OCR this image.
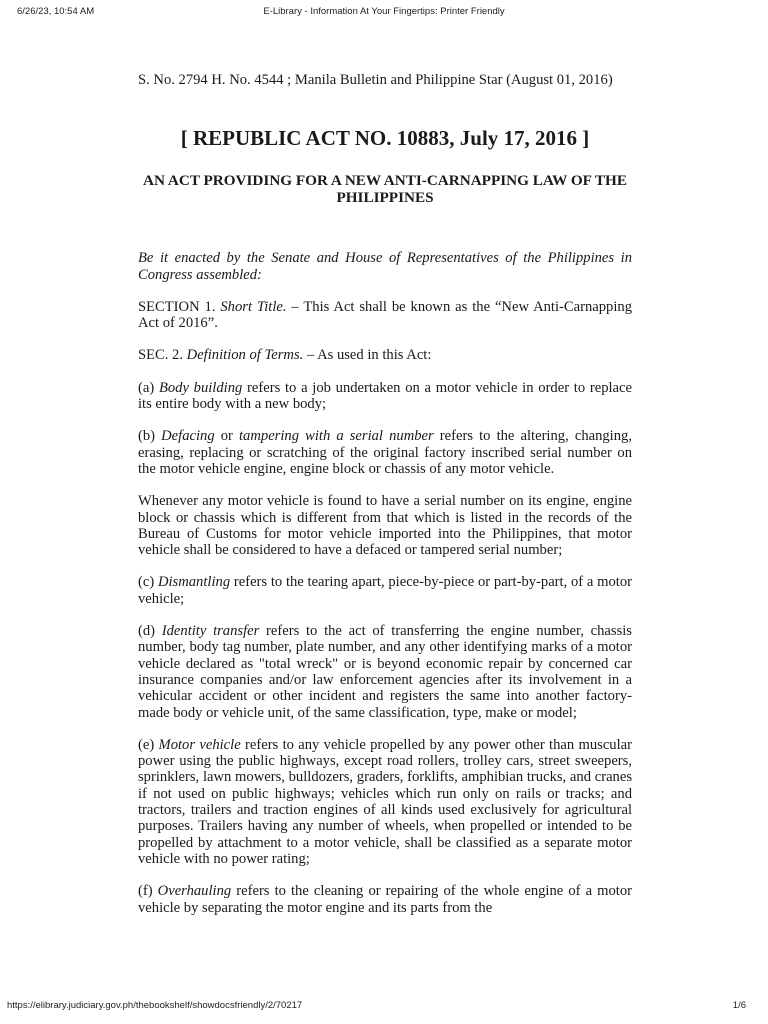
6/26/23, 10:54 AM	E-Library - Information At Your Fingertips: Printer Friendly

S. No. 2794 H. No. 4544 ; Manila Bulletin and Philippine Star (August 01, 2016)

[ REPUBLIC ACT NO. 10883, July 17, 2016 ]

AN ACT PROVIDING FOR A NEW ANTI-CARNAPPING LAW OF THE PHILIPPINES

Be it enacted by the Senate and House of Representatives of the Philippines in Congress assembled:

SECTION 1. Short Title. – This Act shall be known as the “New Anti-Carnapping Act of 2016”.

SEC. 2. Definition of Terms. – As used in this Act:

(a) Body building refers to a job undertaken on a motor vehicle in order to replace its entire body with a new body;

(b) Defacing or tampering with a serial number refers to the altering, changing, erasing, replacing or scratching of the original factory inscribed serial number on the motor vehicle engine, engine block or chassis of any motor vehicle.

Whenever any motor vehicle is found to have a serial number on its engine, engine block or chassis which is different from that which is listed in the records of the Bureau of Customs for motor vehicle imported into the Philippines, that motor vehicle shall be considered to have a defaced or tampered serial number;

(c) Dismantling refers to the tearing apart, piece-by-piece or part-by-part, of a motor vehicle;

(d) Identity transfer refers to the act of transferring the engine number, chassis number, body tag number, plate number, and any other identifying marks of a motor vehicle declared as "total wreck" or is beyond economic repair by concerned car insurance companies and/or law enforcement agencies after its involvement in a vehicular accident or other incident and registers the same into another factory-made body or vehicle unit, of the same classification, type, make or model;

(e) Motor vehicle refers to any vehicle propelled by any power other than muscular power using the public highways, except road rollers, trolley cars, street sweepers, sprinklers, lawn mowers, bulldozers, graders, forklifts, amphibian trucks, and cranes if not used on public highways; vehicles which run only on rails or tracks; and tractors, trailers and traction engines of all kinds used exclusively for agricultural purposes. Trailers having any number of wheels, when propelled or intended to be propelled by attachment to a motor vehicle, shall be classified as a separate motor vehicle with no power rating;

(f) Overhauling refers to the cleaning or repairing of the whole engine of a motor vehicle by separating the motor engine and its parts from the

https://elibrary.judiciary.gov.ph/thebookshelf/showdocsfriendly/2/70217	1/6
